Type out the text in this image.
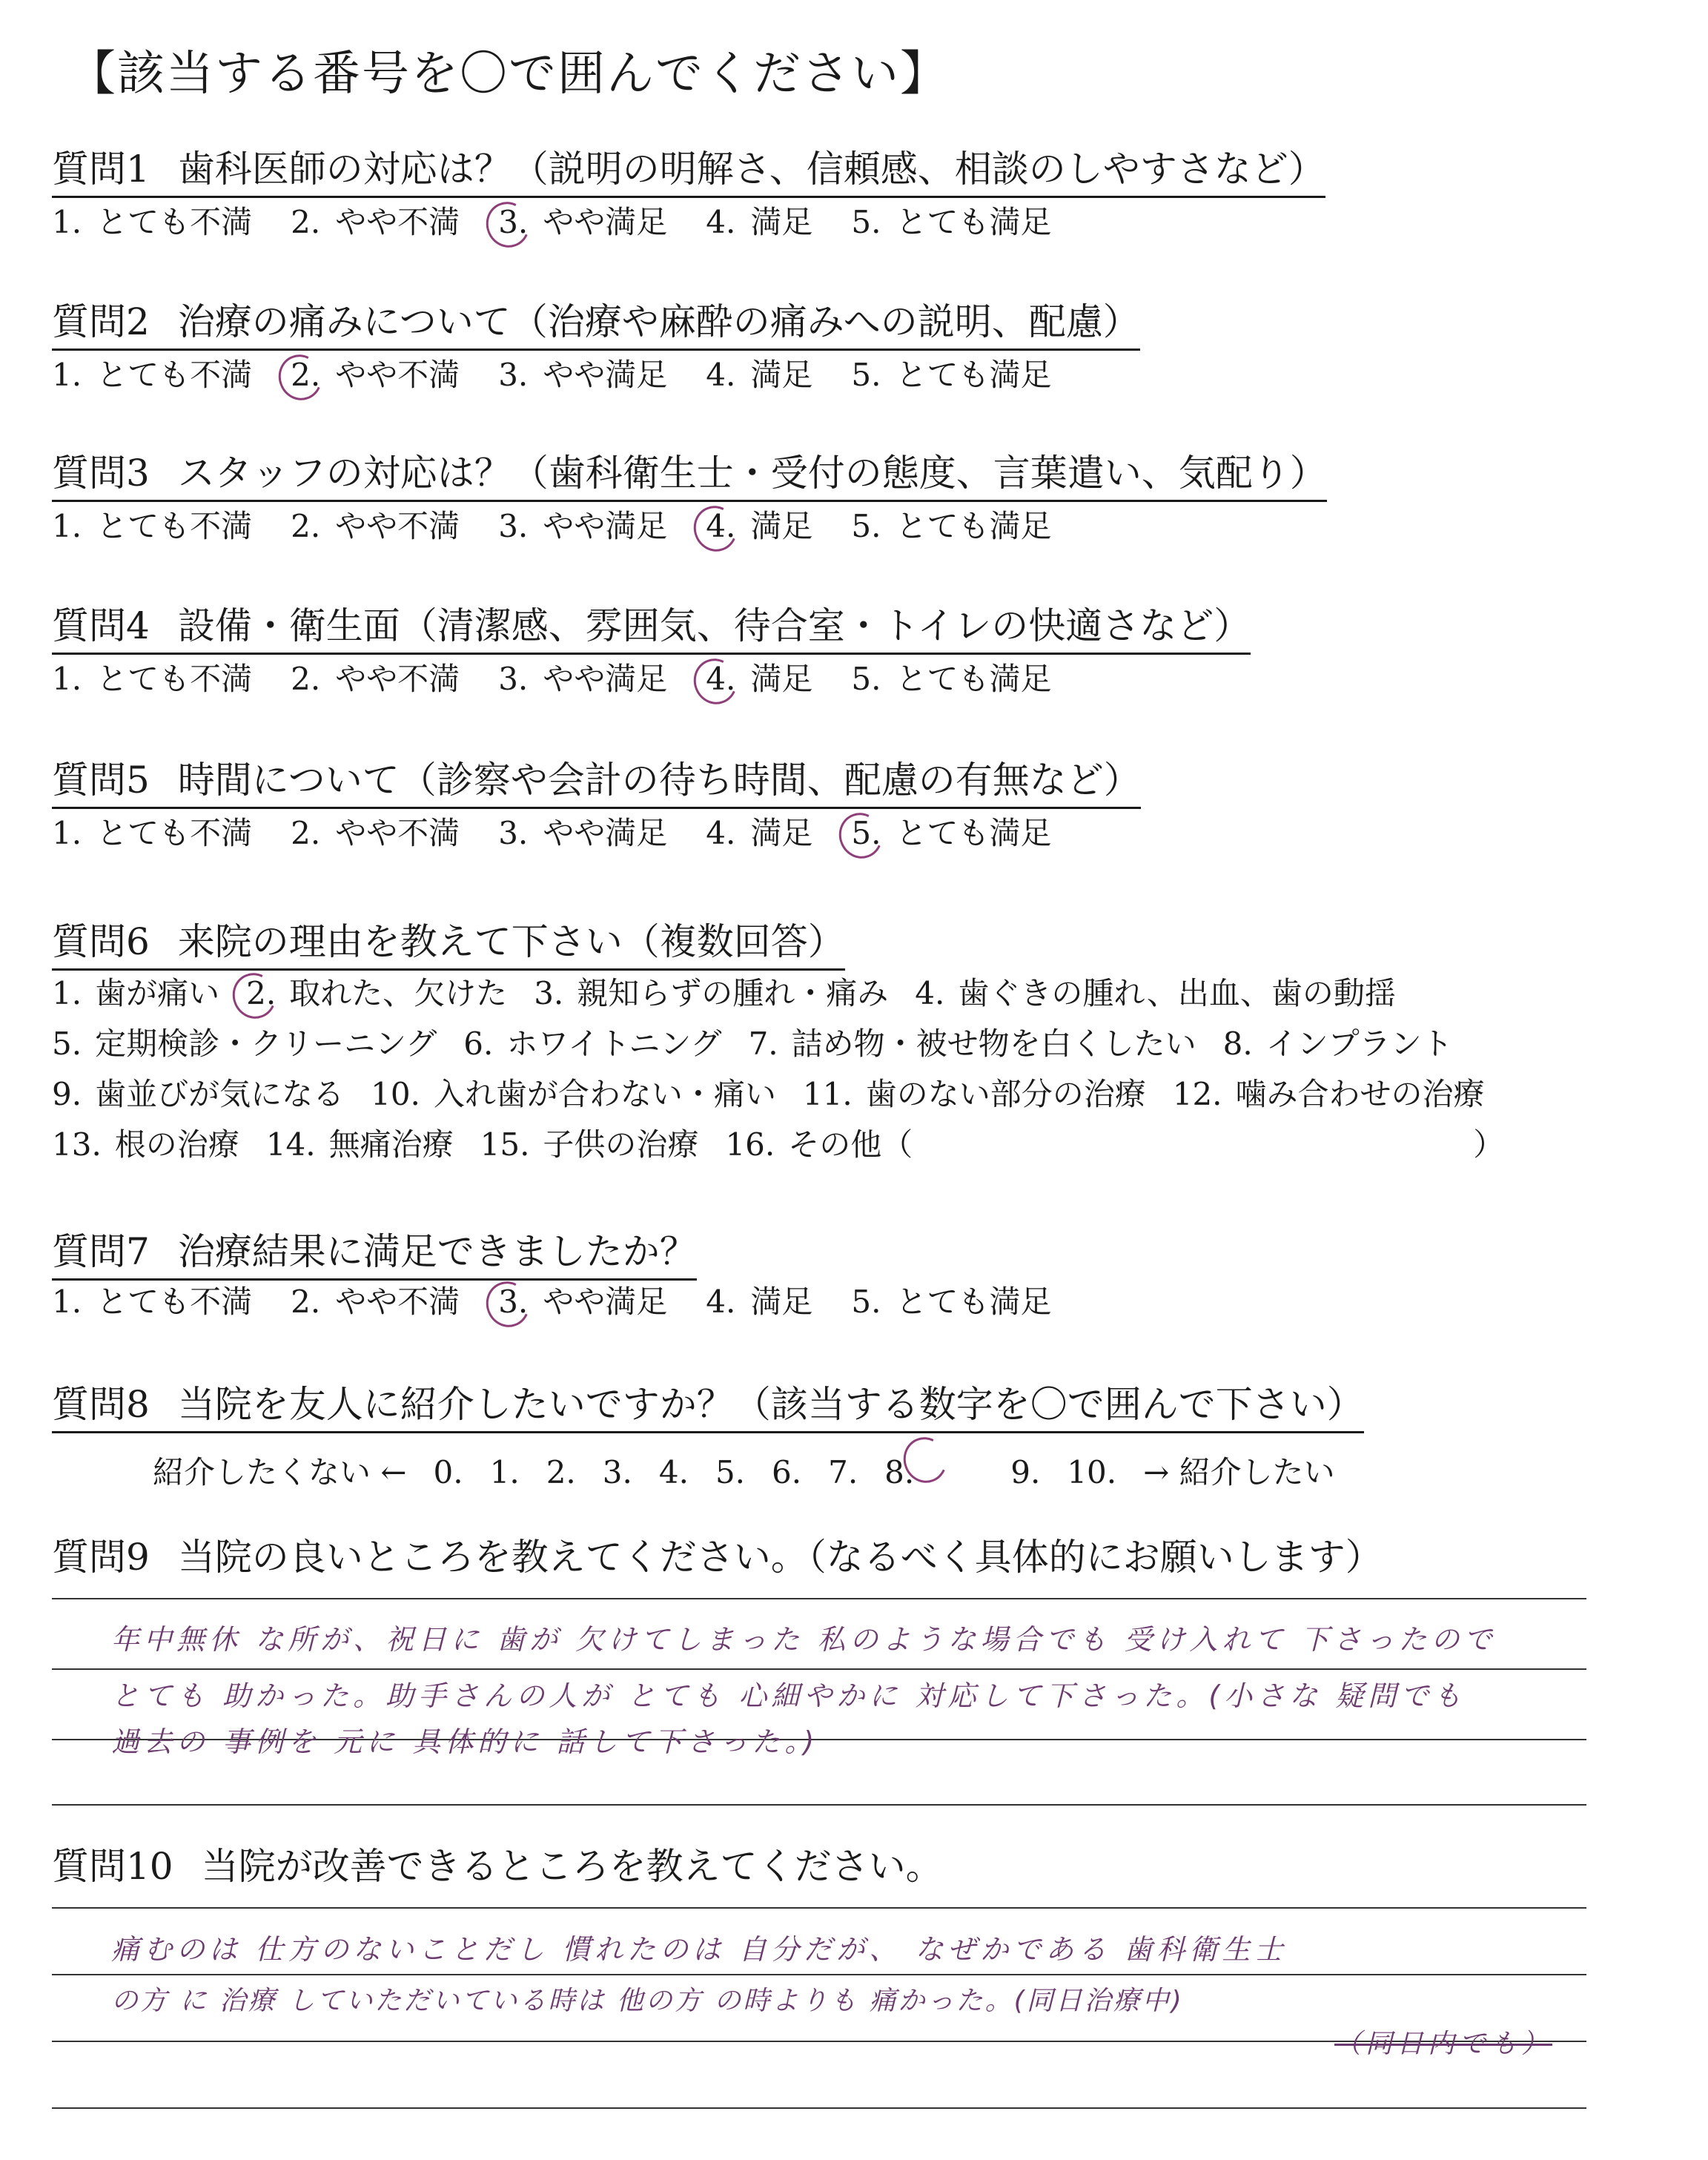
【該当する番号を〇で囲んでください】
質問1 歯科医師の対応は？（説明の明解さ、信頼感、相談のしやすさなど）
1. とても不満 2. やや不満 3. やや満足 4. 満足 5. とても満足
質問2 治療の痛みについて（治療や麻酔の痛みへの説明、配慮）
1. とても不満 2. やや不満 3. やや満足 4. 満足 5. とても満足
質問3 スタッフの対応は？（歯科衛生士・受付の態度、言葉遣い、気配り）
1. とても不満 2. やや不満 3. やや満足 4. 満足 5. とても満足
質問4 設備・衛生面（清潔感、雰囲気、待合室・トイレの快適さなど）
1. とても不満 2. やや不満 3. やや満足 4. 満足 5. とても満足
質問5 時間について（診察や会計の待ち時間、配慮の有無など）
1. とても不満 2. やや不満 3. やや満足 4. 満足 5. とても満足
質問6 来院の理由を教えて下さい（複数回答）
1. 歯が痛い 2. 取れた、欠けた 3. 親知らずの腫れ・痛み 4. 歯ぐきの腫れ、出血、歯の動揺
5. 定期検診・クリーニング 6. ホワイトニング 7. 詰め物・被せ物を白くしたい 8. インプラント
9. 歯並びが気になる 10. 入れ歯が合わない・痛い 11. 歯のない部分の治療 12. 噛み合わせの治療
13. 根の治療 14. 無痛治療 15. 子供の治療 16. その他（	）
質問7 治療結果に満足できましたか？
1. とても不満 2. やや不満 3. やや満足 4. 満足 5. とても満足
質問8 当院を友人に紹介したいですか？（該当する数字を〇で囲んで下さい）
紹介したくない ← 0. 1. 2. 3. 4. 5. 6. 7. 8.	9. 10. → 紹介したい
質問9 当院の良いところを教えてください。（なるべく具体的にお願いします）
年中無休 な所が、祝日に 歯が 欠けてしまった 私のような場合でも 受け入れて 下さったので
とても 助かった。助手さんの人が とても 心細やかに 対応して下さった。(小さな 疑問でも
過去の 事例を 元に 具体的に 話して下さった。)
質問10 当院が改善できるところを教えてください。
痛むのは 仕方のないことだし 慣れたのは 自分だが、 なぜかである 歯科衛生士
の方 に 治療 していただいている時は 他の方 の時よりも 痛かった。(同日治療中)
（同日内でも）
